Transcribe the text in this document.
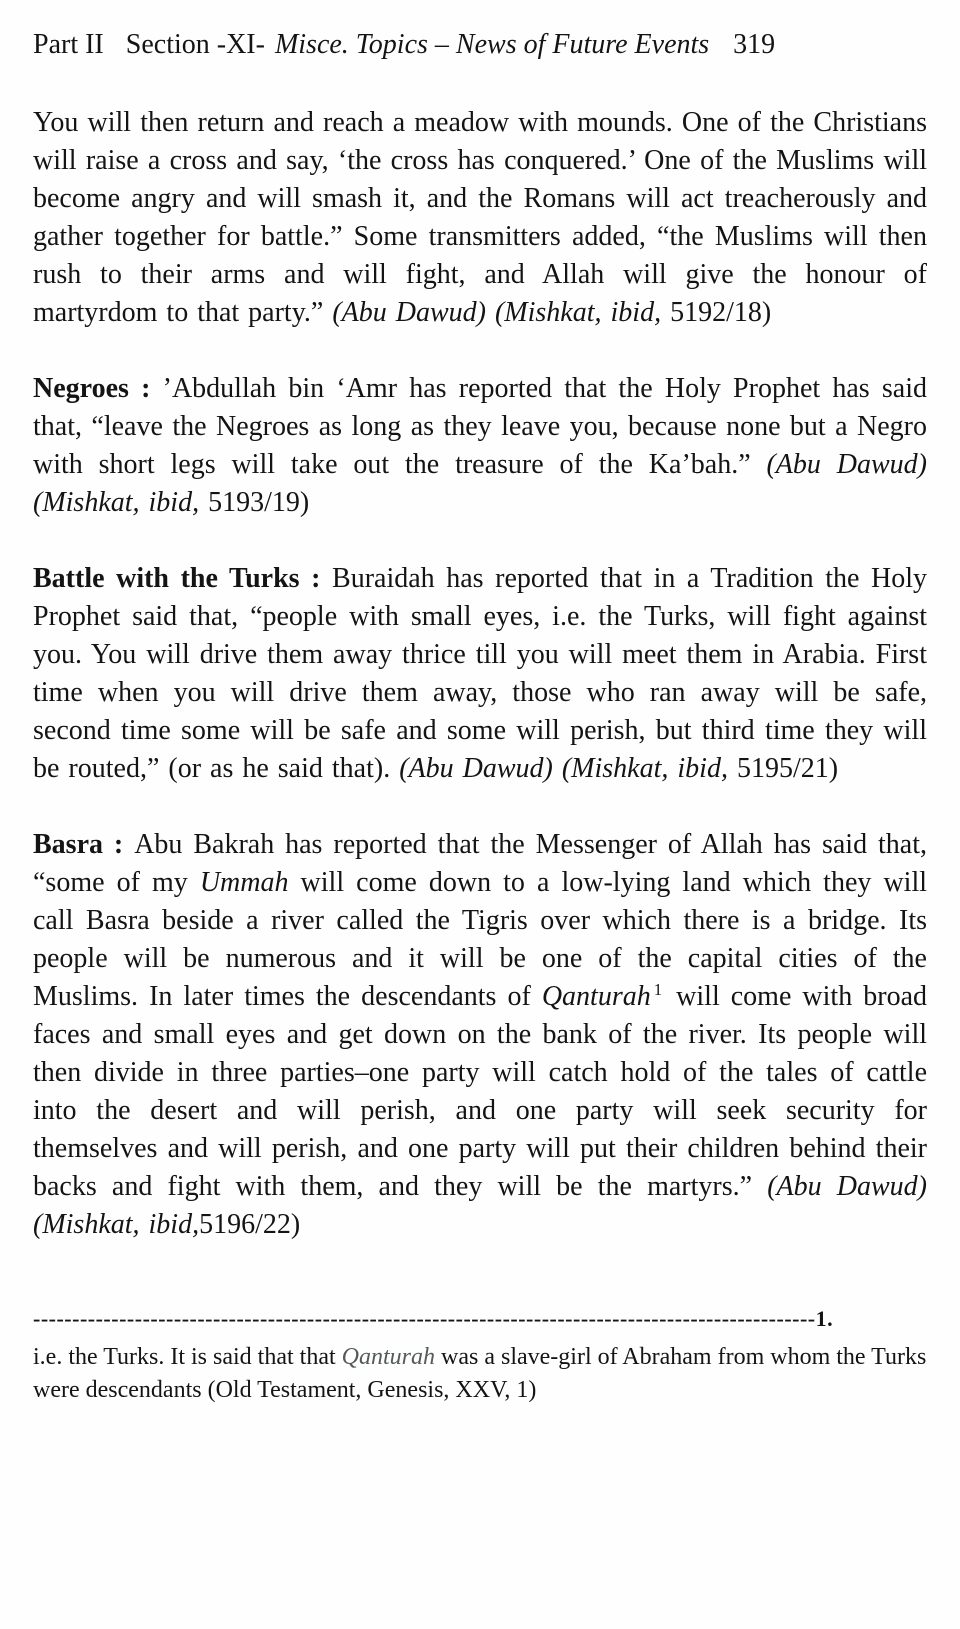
Part II Section -XI- Misce. Topics – News of Future Events 319
You will then return and reach a meadow with mounds. One of the Christians will raise a cross and say, ‘the cross has conquered.’ One of the Muslims will become angry and will smash it, and the Romans will act treacherously and gather together for battle.” Some transmitters added, “the Muslims will then rush to their arms and will fight, and Allah will give the honour of martyrdom to that party.” (Abu Dawud) (Mishkat, ibid, 5192/18)
Negroes : ’Abdullah bin ‘Amr has reported that the Holy Prophet has said that, “leave the Negroes as long as they leave you, because none but a Negro with short legs will take out the treasure of the Ka’bah.” (Abu Dawud) (Mishkat, ibid, 5193/19)
Battle with the Turks : Buraidah has reported that in a Tradition the Holy Prophet said that, “people with small eyes, i.e. the Turks, will fight against you. You will drive them away thrice till you will meet them in Arabia. First time when you will drive them away, those who ran away will be safe, second time some will be safe and some will perish, but third time they will be routed,” (or as he said that). (Abu Dawud) (Mishkat, ibid, 5195/21)
Basra : Abu Bakrah has reported that the Messenger of Allah has said that, “some of my Ummah will come down to a low-lying land which they will call Basra beside a river called the Tigris over which there is a bridge. Its people will be numerous and it will be one of the capital cities of the Muslims. In later times the descendants of Qanturah $^1$ will come with broad faces and small eyes and get down on the bank of the river. Its people will then divide in three parties–one party will catch hold of the tales of cattle into the desert and will perish, and one party will seek security for themselves and will perish, and one party will put their children behind their backs and fight with them, and they will be the martyrs.” (Abu Dawud) (Mishkat, ibid,5196/22)
----------------------------------------------------------------------------------------------------1.
i.e. the Turks. It is said that that Qanturah was a slave-girl of Abraham from whom the Turks were descendants (Old Testament, Genesis, XXV, 1)
